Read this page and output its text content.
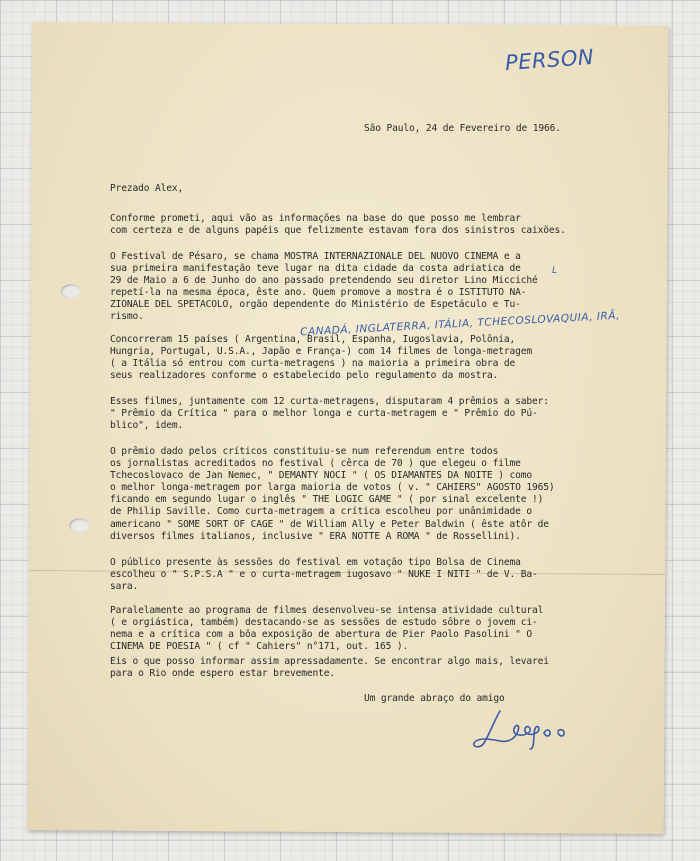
PERSON
São Paulo, 24 de Fevereiro de 1966.
Prezado Alex,
Conforme prometi, aqui vão as informações na base do que posso me lembrar
com certeza e de alguns papéis que felizmente estavam fora dos sinistros caixões.
O Festival de Pésaro, se chama MOSTRA INTERNAZIONALE DEL NUOVO CINEMA e a
sua primeira manifestação teve lugar na dita cidade da costa adriatica de
29 de Maio a 6 de Junho do ano passado pretendendo seu diretor Lino Micciché
repetí-la na mesma época, êste ano. Quem promove a mostra é o ISTITUTO NA-
ZIONALE DEL SPETACOLO, orgão dependente do Ministério de Espetáculo e Tu-
rismo.
Concorreram 15 países ( Argentina, Brasil, Espanha, Iugoslavia, Polônia,
Hungria, Portugal, U.S.A., Japão e França-) com 14 filmes de longa-metragem
( a Itália só entrou com curta-metragens ) na maioria a primeira obra de
seus realizadores conforme o estabelecido pelo regulamento da mostra.
Esses filmes, juntamente com 12 curta-metragens, disputaram 4 prêmios a saber:
" Prêmio da Crítica " para o melhor longa e curta-metragem e " Prêmio do Pú-
blico", idem.
O prêmio dado pelos críticos constituiu-se num referendum entre todos
os jornalistas acreditados no festival ( cêrca de 70 ) que elegeu o filme
Tchecoslovaco de Jan Nemec, " DEMANTY NOCI " ( OS DIAMANTES DA NOITE ) como
o melhor longa-metragem por larga maioria de votos ( v. " CAHIERS" AGOSTO 1965)
ficando em segundo lugar o inglês " THE LOGIC GAME " ( por sinal excelente !)
de Philip Saville. Como curta-metragem a crítica escolheu por unânimidade o
americano " SOME SORT OF CAGE " de William Ally e Peter Baldwin ( êste atôr de
diversos filmes italianos, inclusive " ERA NOTTE A ROMA " de Rossellini).
O público presente às sessões do festival em votação tipo Bolsa de Cinema
escolheu o " S.P.S.A " e o curta-metragem iugosavo " NUKE I NITI " de V. Ba-
sara.
Paralelamente ao programa de filmes desenvolveu-se intensa atividade cultural
( e orgiástica, também) destacando-se as sessões de estudo sôbre o jovem ci-
nema e a crítica com a bôa exposição de abertura de Pier Paolo Pasolini " O
CINEMA DE POESIA " ( cf " Cahiers" n°171, out. 165 ).
Eis o que posso informar assim apressadamente. Se encontrar algo mais, levarei
para o Rio onde espero estar brevemente.
Um grande abraço do amigo
CANADÁ, INGLATERRA, ITÁLIA, TCHECOSLOVAQUIA, IRÃ,
L
